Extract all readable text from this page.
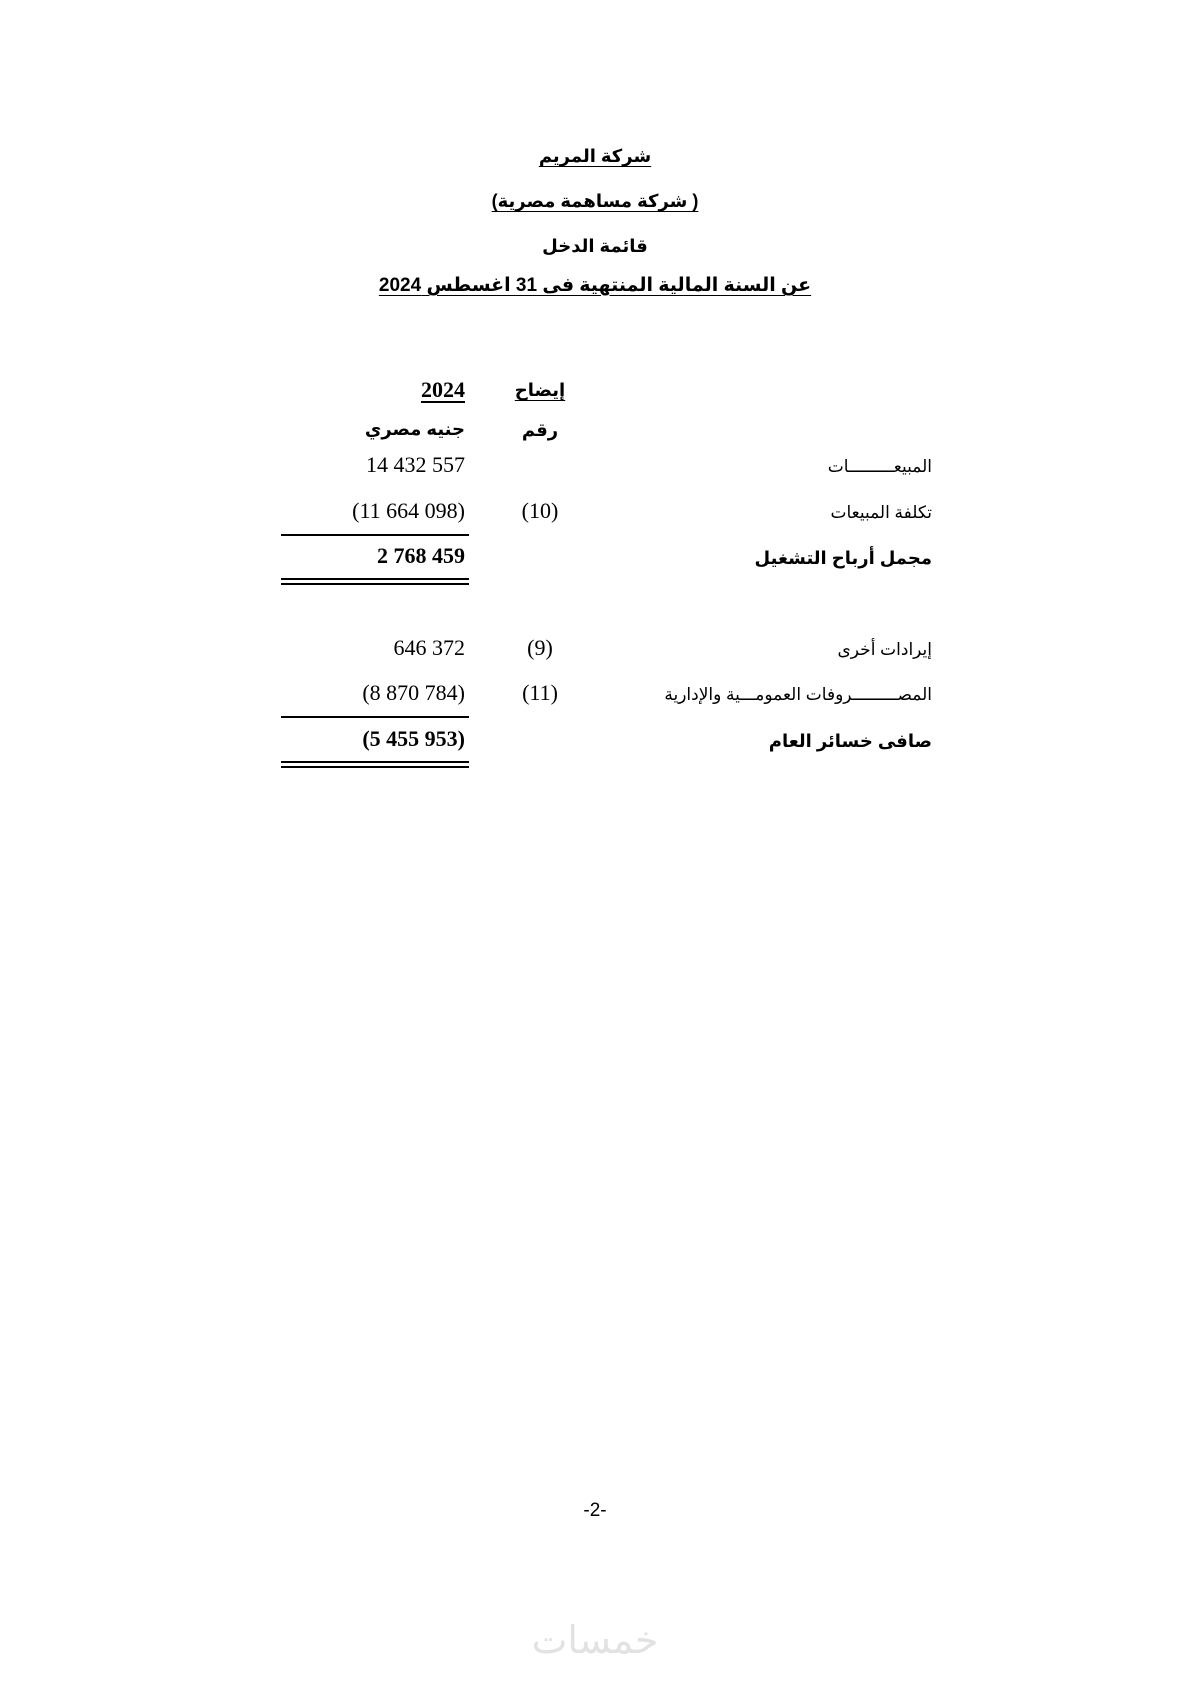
شركة المريم
( شركة مساهمة مصرية)
قائمة الدخل
عن السنة المالية المنتهية فى 31 اغسطس 2024
إيضاح
رقم
2024
جنيه مصري
المبيعـــــــــات
14 432 557
تكلفة المبيعات
(10)
(11 664 098)
مجمل أرباح التشغيل
2 768 459
إيرادات أخرى
(9)
646 372
المصـــــــــروفات العمومـــية والإدارية
(11)
(8 870 784)
صافى خسائر العام
(5 455 953)
-2-
خمسات
